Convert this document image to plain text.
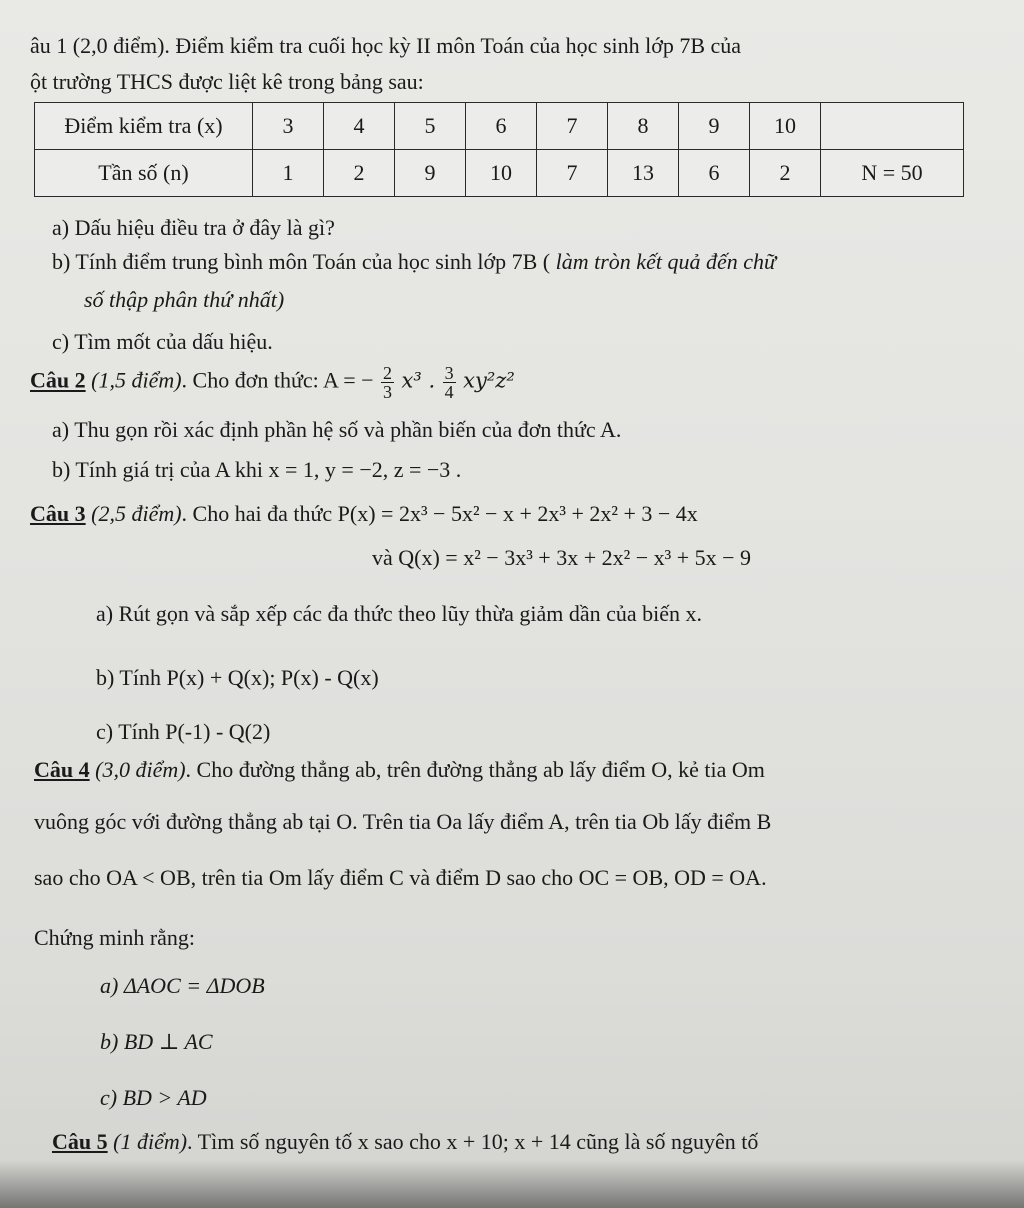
âu 1 (2,0 điểm). Điểm kiểm tra cuối học kỳ II môn Toán của học sinh lớp 7B của
ột trường THCS được liệt kê trong bảng sau:
Điểm kiểm tra (x)	3	4	5	6	7	8	9	10	
Tần số (n)	1	2	9	10	7	13	6	2	N = 50
a) Dấu hiệu điều tra ở đây là gì?
b) Tính điểm trung bình môn Toán của học sinh lớp 7B ( làm tròn kết quả đến chữ
số thập phân thứ nhất)
c) Tìm mốt của dấu hiệu.
Câu 2 (1,5 điểm). Cho đơn thức: A = − $\frac{2}{3} x^3$ . $\frac{3}{4} xy^2z^2$
a) Thu gọn rồi xác định phần hệ số và phần biến của đơn thức A.
b) Tính giá trị của A khi x = 1, y = −2, z = −3 .
Câu 3 (2,5 điểm). Cho hai đa thức P(x) = 2x³ − 5x² − x + 2x³ + 2x² + 3 − 4x
và Q(x) = x² − 3x³ + 3x + 2x² − x³ + 5x − 9
a) Rút gọn và sắp xếp các đa thức theo lũy thừa giảm dần của biến x.
b) Tính P(x) + Q(x); P(x) - Q(x)
c) Tính P(-1) - Q(2)
Câu 4 (3,0 điểm). Cho đường thẳng ab, trên đường thẳng ab lấy điểm O, kẻ tia Om
vuông góc với đường thẳng ab tại O. Trên tia Oa lấy điểm A, trên tia Ob lấy điểm B
sao cho OA < OB, trên tia Om lấy điểm C và điểm D sao cho OC = OB, OD = OA.
Chứng minh rằng:
a) ΔAOC = ΔDOB
b) BD ⊥ AC
c) BD > AD
Câu 5 (1 điểm). Tìm số nguyên tố x sao cho x + 10; x + 14 cũng là số nguyên tố
